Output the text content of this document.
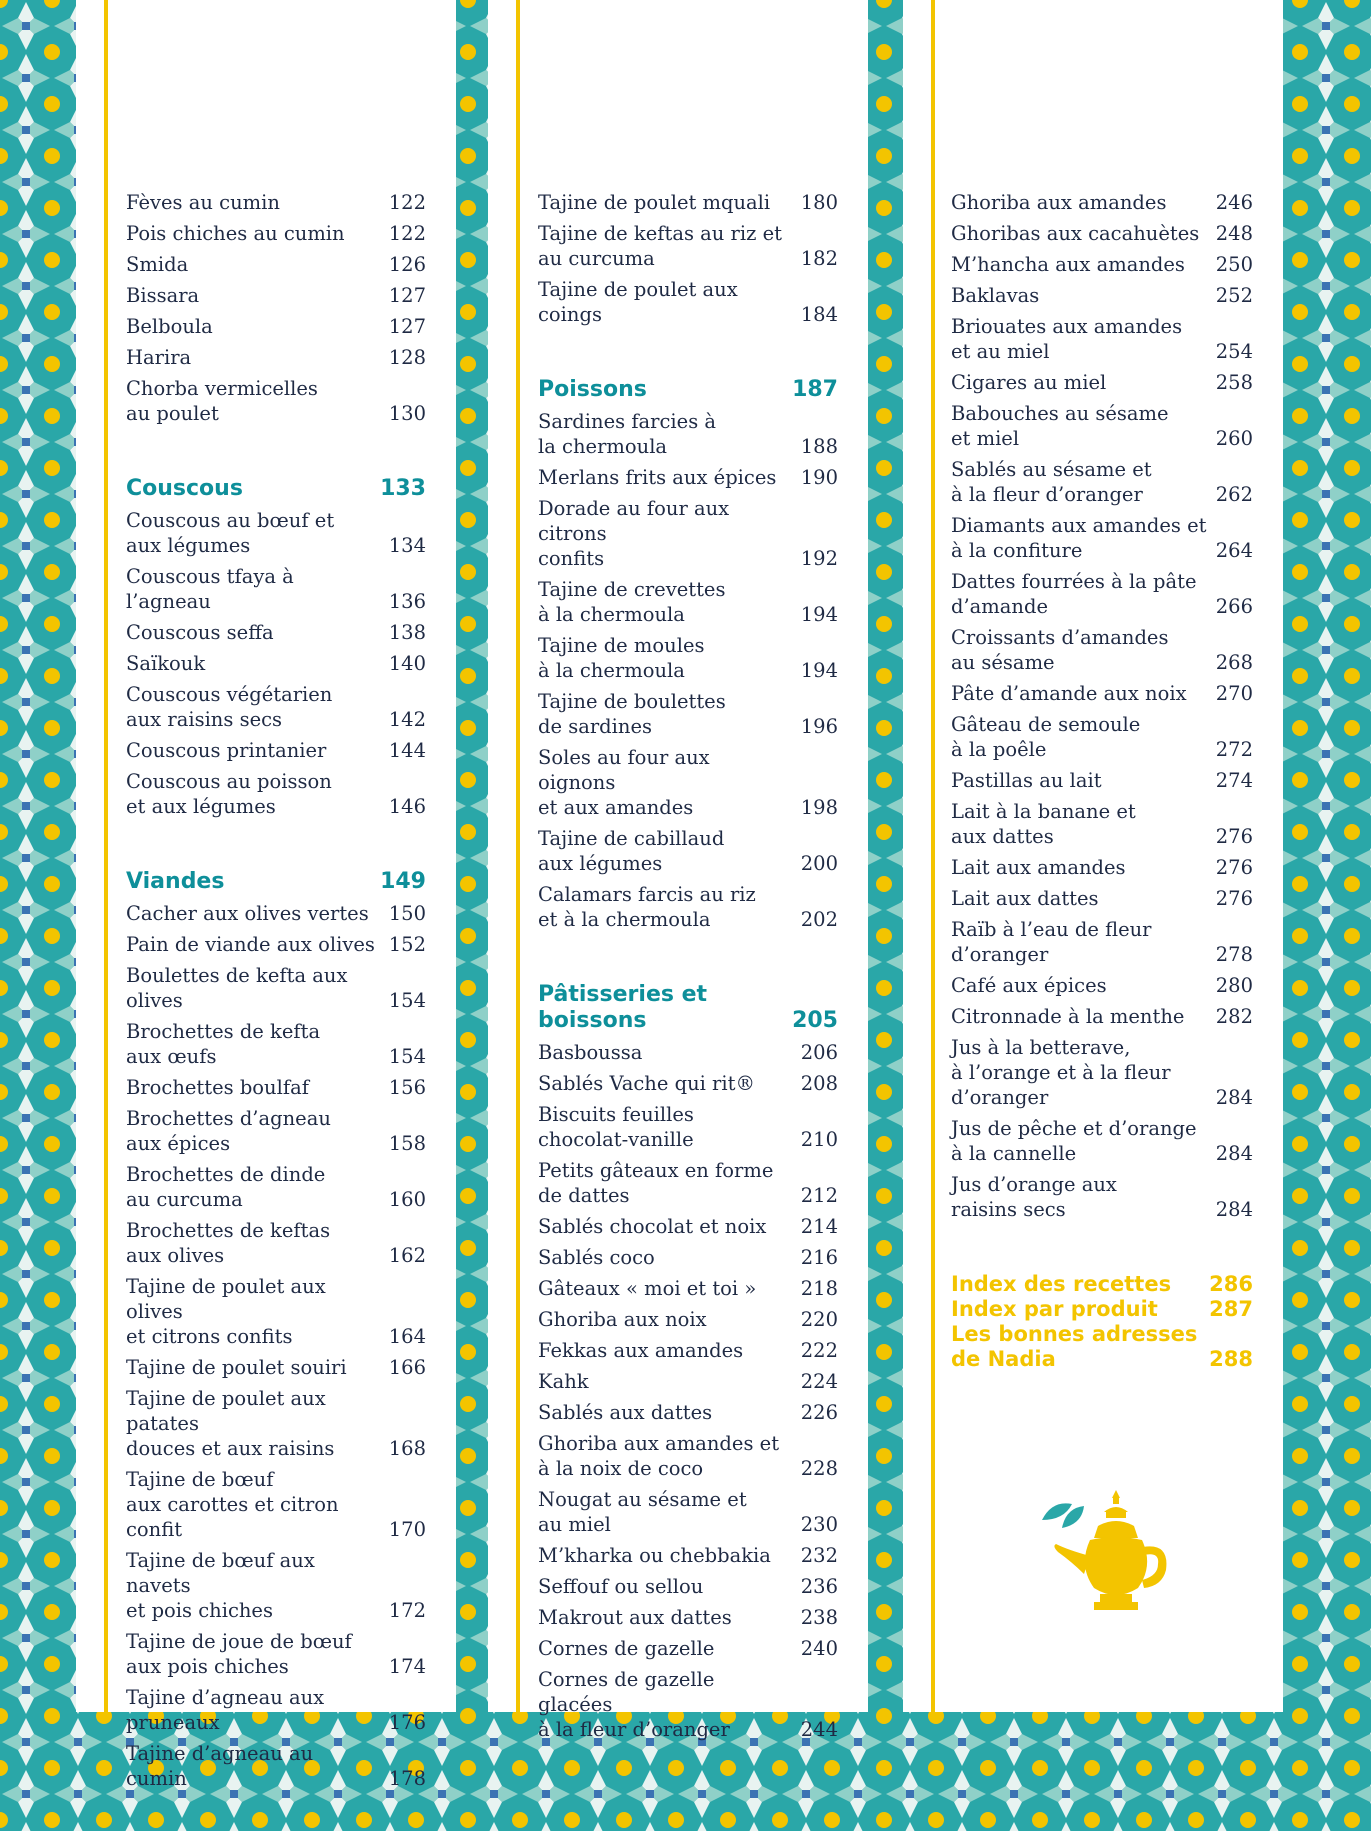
Fèves au cumin	122
Pois chiches au cumin	122
Smida	126
Bissara	127
Belboula	127
Harira	128
Chorba vermicelles
au poulet	130
Couscous	133
Couscous au bœuf et
aux légumes	134
Couscous tfaya à l’agneau	136
Couscous seffa	138
Saïkouk	140
Couscous végétarien
aux raisins secs	142
Couscous printanier	144
Couscous au poisson
et aux légumes	146
Viandes	149
Cacher aux olives vertes	150
Pain de viande aux olives 152
Boulettes de kefta aux
olives	154
Brochettes de kefta
aux œufs	154
Brochettes boulfaf	156
Brochettes d’agneau
aux épices	158
Brochettes de dinde
au curcuma	160
Brochettes de keftas
aux olives	162
Tajine de poulet aux olives
et citrons confits	164
Tajine de poulet souiri	166
Tajine de poulet aux patates
douces et aux raisins	168
Tajine de bœuf
aux carottes et citron confit	170
Tajine de bœuf aux navets
et pois chiches	172
Tajine de joue de bœuf
aux pois chiches	174
Tajine d’agneau aux
pruneaux	176
Tajine d’agneau au cumin	178
Tajine de poulet mquali	180
Tajine de keftas au riz et
au curcuma	182
Tajine de poulet aux coings	184
Poissons	187
Sardines farcies à
la chermoula	188
Merlans frits aux épices	190
Dorade au four aux citrons
confits	192
Tajine de crevettes
à la chermoula	194
Tajine de moules
à la chermoula	194
Tajine de boulettes
de sardines	196
Soles au four aux oignons
et aux amandes	198
Tajine de cabillaud
aux légumes	200
Calamars farcis au riz
et à la chermoula	202
Pâtisseries et
boissons	205
Basboussa	206
Sablés Vache qui rit®	208
Biscuits feuilles
chocolat-vanille	210
Petits gâteaux en forme
de dattes	212
Sablés chocolat et noix	214
Sablés coco	216
Gâteaux « moi et toi »	218
Ghoriba aux noix	220
Fekkas aux amandes	222
Kahk	224
Sablés aux dattes	226
Ghoriba aux amandes et
à la noix de coco	228
Nougat au sésame et
au miel	230
M’kharka ou chebbakia	232
Seffouf ou sellou	236
Makrout aux dattes	238
Cornes de gazelle	240
Cornes de gazelle glacées
à la fleur d’oranger	244
Ghoriba aux amandes	246
Ghoribas aux cacahuètes 248
M’hancha aux amandes	250
Baklavas	252
Briouates aux amandes
et au miel	254
Cigares au miel	258
Babouches au sésame
et miel	260
Sablés au sésame et
à la fleur d’oranger	262
Diamants aux amandes et
à la confiture	264
Dattes fourrées à la pâte
d’amande	266
Croissants d’amandes
au sésame	268
Pâte d’amande aux noix	270
Gâteau de semoule
à la poêle	272
Pastillas au lait	274
Lait à la banane et
aux dattes	276
Lait aux amandes	276
Lait aux dattes	276
Raïb à l’eau de fleur
d’oranger	278
Café aux épices	280
Citronnade à la menthe	282
Jus à la betterave,
à l’orange et à la fleur
d’oranger	284
Jus de pêche et d’orange
à la cannelle	284
Jus d’orange aux
raisins secs	284
Index des recettes 286
Index par produit 287
Les bonnes adresses
de Nadia	288
